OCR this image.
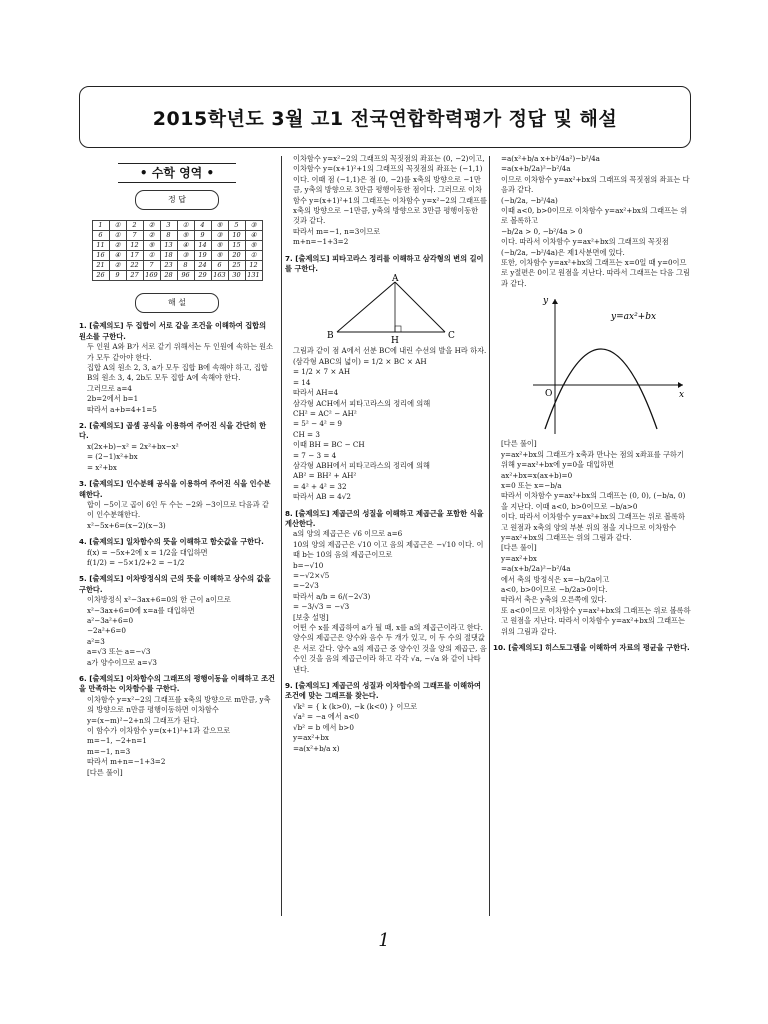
2015학년도 3월 고1 전국연합학력평가 정답 및 해설
• 수학 영역 •
정 답
1	①	2	②	3	①	4	⑤	5	③
6	①	7	②	8	⑤	9	③	10	④
11	②	12	⑤	13	④	14	⑤	15	⑤
16	④	17	①	18	③	19	⑤	20	①
21	②	22	7	23	8	24	6	25	12
26	9	27	169	28	96	29	163	30	131
해 설

1. [출제의도] 두 집합이 서로 같을 조건을 이해하여 집합의 원소를 구한다.

두 인원 A와 B가 서로 같기 위해서는 두 인원에 속하는 원소가 모두 같아야 한다.

집합 A의 원소 2, 3, a가 모두 집합 B에 속해야 하고, 집합 B의 원소 3, 4, 2b도 모두 집합 A에 속해야 한다.

그러므로 a=4

2b=2에서 b=1

따라서 a+b=4+1=5

2. [출제의도] 곱셈 공식을 이용하여 주어진 식을 간단히 한다.

x(2x+b)−x² = 2x²+bx−x²

= (2−1)x²+bx

= x²+bx

3. [출제의도] 인수분해 공식을 이용하여 주어진 식을 인수분해한다.

합이 −5이고 곱이 6인 두 수는 −2와 −3이므로 다음과 같이 인수분해한다.

x²−5x+6=(x−2)(x−3)

4. [출제의도] 일차함수의 뜻을 이해하고 함숫값을 구한다.

f(x) = −5x+2에 x = 1/2을 대입하면

f(1/2) = −5×1/2+2 = −1/2

5. [출제의도] 이차방정식의 근의 뜻을 이해하고 상수의 값을 구한다.

이차방정식 x²−3ax+6=0의 한 근이 a이므로

x²−3ax+6=0에 x=a를 대입하면

a²−3a²+6=0

−2a²+6=0

a²=3

a=√3 또는 a=−√3

a가 양수이므로 a=√3

6. [출제의도] 이차함수의 그래프의 평행이동을 이해하고 조건을 만족하는 이차함수를 구한다.

이차함수 y=x²−2의 그래프를 x축의 방향으로 m만큼, y축의 방향으로 n만큼 평행이동하면 이차함수

y=(x−m)²−2+n의 그래프가 된다.

이 함수가 이차함수 y=(x+1)²+1과 같으므로

m=−1, −2+n=1

m=−1, n=3

따라서 m+n=−1+3=2

[다른 풀이]

이차함수 y=x²−2의 그래프의 꼭짓점의 좌표는 (0, −2)이고, 이차함수 y=(x+1)²+1의 그래프의 꼭짓점의 좌표는 (−1,1)이다. 이때 점 (−1,1)은 점 (0, −2)를 x축의 방향으로 −1만큼, y축의 방향으로 3만큼 평행이동한 점이다. 그러므로 이차함수 y=(x+1)²+1의 그래프는 이차함수 y=x²−2의 그래프를 x축의 방향으로 −1만큼, y축의 방향으로 3만큼 평행이동한 것과 같다.

따라서 m=−1, n=3이므로

m+n=−1+3=2

7. [출제의도] 피타고라스 정리를 이해하고 삼각형의 변의 길이를 구한다.

A
B	C
H

그림과 같이 점 A에서 선분 BC에 내린 수선의 발을 H라 하자.

(삼각형 ABC의 넓이) = 1/2 × BC × AH

= 1/2 × 7 × AH

= 14

따라서 AH=4

삼각형 ACH에서 피타고라스의 정리에 의해

CH² = AC² − AH²

= 5² − 4² = 9

CH = 3

이때 BH = BC − CH

= 7 − 3 = 4

삼각형 ABH에서 피타고라스의 정리에 의해

AB² = BH² + AH²

= 4² + 4² = 32

따라서 AB = 4√2

8. [출제의도] 제곱근의 성질을 이해하고 제곱근을 포함한 식을 계산한다.

a의 양의 제곱근은 √6 이므로 a=6

10의 양의 제곱근은 √10 이고 음의 제곱근은 −√10 이다. 이때 b는 10의 음의 제곱근이므로

b=−√10

=−√2×√5

=−2√3

따라서 a/b = 6/(−2√3)

= −3/√3 = −√3

[보충 설명]

어떤 수 x를 제곱하여 a가 될 때, x를 a의 제곱근이라고 한다. 양수의 제곱근은 양수와 음수 두 개가 있고, 이 두 수의 절댓값은 서로 같다. 양수 a의 제곱근 중 양수인 것을 양의 제곱근, 음수인 것을 음의 제곱근이라 하고 각각 √a, −√a 와 같이 나타낸다.

9. [출제의도] 제곱근의 성질과 이차함수의 그래프를 이해하여 조건에 맞는 그래프를 찾는다.

√k² = { k (k>0), −k (k<0) } 이므로

√a² = −a 에서 a<0

√b² = b 에서 b>0

y=ax²+bx

=a(x²+b/a x)

=a(x²+b/a x+b²/4a²)−b²/4a

=a(x+b/2a)²−b²/4a

이므로 이차함수 y=ax²+bx의 그래프의 꼭짓점의 좌표는 다음과 같다.

(−b/2a, −b²/4a)

이때 a<0, b>0이므로 이차함수 y=ax²+bx의 그래프는 위로 볼록하고

−b/2a > 0, −b²/4a > 0

이다. 따라서 이차함수 y=ax²+bx의 그래프의 꼭짓점 (−b/2a, −b²/4a)은 제1사분면에 있다.

또한, 이차함수 y=ax²+bx의 그래프는 x=0일 때 y=0이므로 y절편은 0이고 원점을 지난다. 따라서 그래프는 다음 그림과 같다.

y
x
O
y=ax²+bx

[다른 풀이]

y=ax²+bx의 그래프가 x축과 만나는 점의 x좌표를 구하기 위해 y=ax²+bx에 y=0을 대입하면

ax²+bx=x(ax+b)=0

x=0 또는 x=−b/a

따라서 이차함수 y=ax²+bx의 그래프는 (0, 0), (−b/a, 0)을 지난다. 이때 a<0, b>0이므로 −b/a>0

이다. 따라서 이차함수 y=ax²+bx의 그래프는 위로 볼록하고 원점과 x축의 양의 부분 위의 점을 지나므로 이차함수 y=ax²+bx의 그래프는 위의 그림과 같다.

[다른 풀이]

y=ax²+bx

=a(x+b/2a)²−b²/4a

에서 축의 방정식은 x=−b/2a이고

a<0, b>0이므로 −b/2a>0이다.

따라서 축은 y축의 오른쪽에 있다.

또 a<0이므로 이차함수 y=ax²+bx의 그래프는 위로 볼록하고 원점을 지난다. 따라서 이차함수 y=ax²+bx의 그래프는 위의 그림과 같다.

10. [출제의도] 히스토그램을 이해하여 자료의 평균을 구한다.

1
